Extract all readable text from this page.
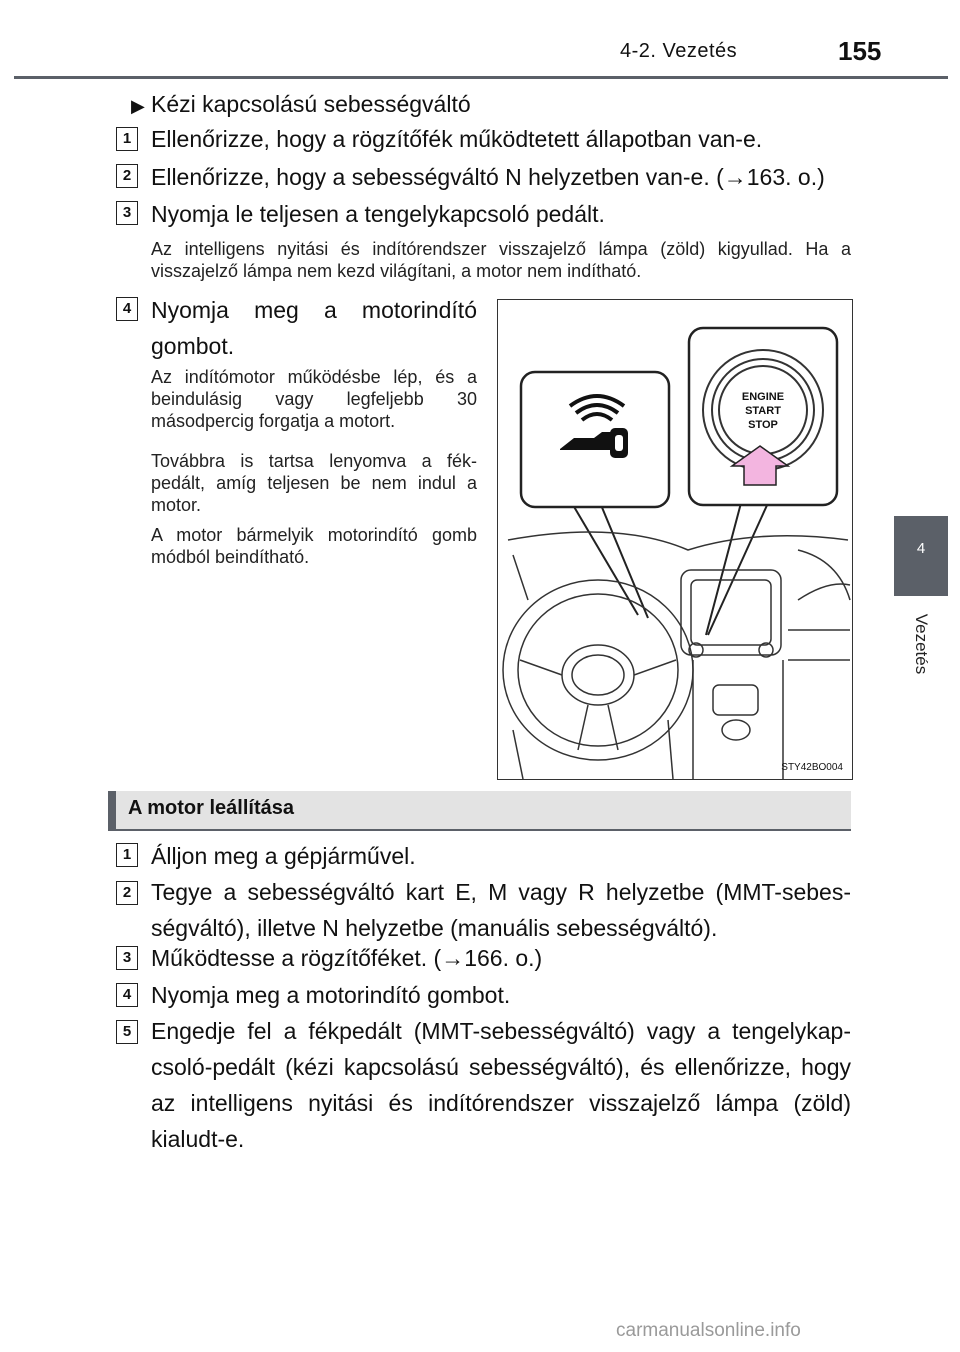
4-2. Vezetés	155
4
Vezetés
▶ Kézi kapcsolású sebességváltó
1 Ellenőrizze, hogy a rögzítőfék működtetett állapotban van-e.
2 Ellenőrizze, hogy a sebességváltó N helyzetben van-e. (→163. o.)
3 Nyomja le teljesen a tengelykapcsoló pedált.
Az intelligens nyitási és indítórendszer visszajelző lámpa (zöld) kigyullad. Ha a visszajelző lámpa nem kezd világítani, a motor nem indítható.
4 Nyomja meg a motorindító gombot.
Az indítómotor működésbe lép, és a beindulásig vagy legfeljebb 30 másodpercig forgatja a motort.
Továbbra is tartsa lenyomva a fék-pedált, amíg teljesen be nem indul a motor.
A motor bármelyik motorindító gomb módból beindítható.
ENGINE
START
STOP
STY42BO004
A motor leállítása
1 Álljon meg a gépjárművel.
2 Tegye a sebességváltó kart E, M vagy R helyzetbe (MMT-sebes-ségváltó), illetve N helyzetbe (manuális sebességváltó).
3 Működtesse a rögzítőféket. (→166. o.)
4 Nyomja meg a motorindító gombot.
5 Engedje fel a fékpedált (MMT-sebességváltó) vagy a tengelykap-csoló-pedált (kézi kapcsolású sebességváltó), és ellenőrizze, hogy az intelligens nyitási és indítórendszer visszajelző lámpa (zöld) kialudt-e.
carmanualsonline.info
